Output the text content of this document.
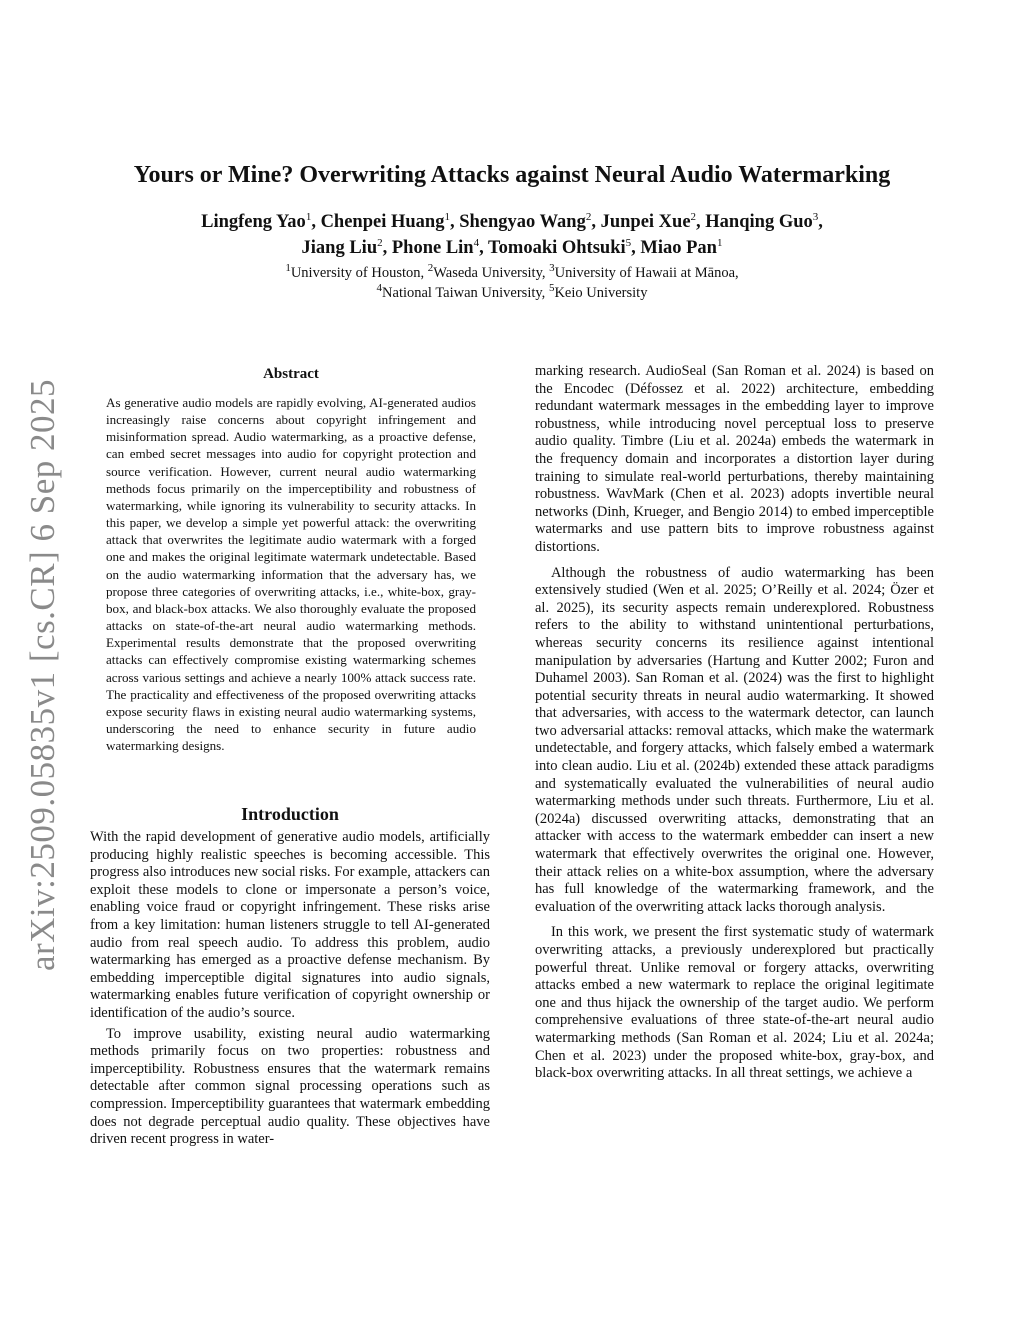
arXiv:2509.05835v1 [cs.CR] 6 Sep 2025
Yours or Mine? Overwriting Attacks against Neural Audio Watermarking
Lingfeng Yao$^1$, Chenpei Huang$^1$, Shengyao Wang$^2$, Junpei Xue$^2$, Hanqing Guo$^3$,
Jiang Liu$^2$, Phone Lin$^4$, Tomoaki Ohtsuki$^5$, Miao Pan$^1$
$^1$University of Houston, $^2$Waseda University, $^3$University of Hawaii at Mānoa,
$^4$National Taiwan University, $^5$Keio University
Abstract
As generative audio models are rapidly evolving, AI-generated audios increasingly raise concerns about copyright infringement and misinformation spread. Audio watermarking, as a proactive defense, can embed secret messages into audio for copyright protection and source verification. However, current neural audio watermarking methods focus primarily on the imperceptibility and robustness of watermarking, while ignoring its vulnerability to security attacks. In this paper, we develop a simple yet powerful attack: the overwriting attack that overwrites the legitimate audio watermark with a forged one and makes the original legitimate watermark undetectable. Based on the audio watermarking information that the adversary has, we propose three categories of overwriting attacks, i.e., white-box, gray-box, and black-box attacks. We also thoroughly evaluate the proposed attacks on state-of-the-art neural audio watermarking methods. Experimental results demonstrate that the proposed overwriting attacks can effectively compromise existing watermarking schemes across various settings and achieve a nearly 100% attack success rate. The practicality and effectiveness of the proposed overwriting attacks expose security flaws in existing neural audio watermarking systems, underscoring the need to enhance security in future audio watermarking designs.
Introduction

With the rapid development of generative audio models, artificially producing highly realistic speeches is becoming accessible. This progress also introduces new social risks. For example, attackers can exploit these models to clone or impersonate a person’s voice, enabling voice fraud or copyright infringement. These risks arise from a key limitation: human listeners struggle to tell AI-generated audio from real speech audio. To address this problem, audio watermarking has emerged as a proactive defense mechanism. By embedding imperceptible digital signatures into audio signals, watermarking enables future verification of copyright ownership or identification of the audio’s source.

To improve usability, existing neural audio watermarking methods primarily focus on two properties: robustness and imperceptibility. Robustness ensures that the watermark remains detectable after common signal processing operations such as compression. Imperceptibility guarantees that watermark embedding does not degrade perceptual audio quality. These objectives have driven recent progress in water-

marking research. AudioSeal (San Roman et al. 2024) is based on the Encodec (Défossez et al. 2022) architecture, embedding redundant watermark messages in the embedding layer to improve robustness, while introducing novel perceptual loss to preserve audio quality. Timbre (Liu et al. 2024a) embeds the watermark in the frequency domain and incorporates a distortion layer during training to simulate real-world perturbations, thereby maintaining robustness. WavMark (Chen et al. 2023) adopts invertible neural networks (Dinh, Krueger, and Bengio 2014) to embed imperceptible watermarks and use pattern bits to improve robustness against distortions.

Although the robustness of audio watermarking has been extensively studied (Wen et al. 2025; O’Reilly et al. 2024; Özer et al. 2025), its security aspects remain underexplored. Robustness refers to the ability to withstand unintentional perturbations, whereas security concerns its resilience against intentional manipulation by adversaries (Hartung and Kutter 2002; Furon and Duhamel 2003). San Roman et al. (2024) was the first to highlight potential security threats in neural audio watermarking. It showed that adversaries, with access to the watermark detector, can launch two adversarial attacks: removal attacks, which make the watermark undetectable, and forgery attacks, which falsely embed a watermark into clean audio. Liu et al. (2024b) extended these attack paradigms and systematically evaluated the vulnerabilities of neural audio watermarking methods under such threats. Furthermore, Liu et al. (2024a) discussed overwriting attacks, demonstrating that an attacker with access to the watermark embedder can insert a new watermark that effectively overwrites the original one. However, their attack relies on a white-box assumption, where the adversary has full knowledge of the watermarking framework, and the evaluation of the overwriting attack lacks thorough analysis.

In this work, we present the first systematic study of watermark overwriting attacks, a previously underexplored but practically powerful threat. Unlike removal or forgery attacks, overwriting attacks embed a new watermark to replace the original legitimate one and thus hijack the ownership of the target audio. We perform comprehensive evaluations of three state-of-the-art neural audio watermarking methods (San Roman et al. 2024; Liu et al. 2024a; Chen et al. 2023) under the proposed white-box, gray-box, and black-box overwriting attacks. In all threat settings, we achieve a
